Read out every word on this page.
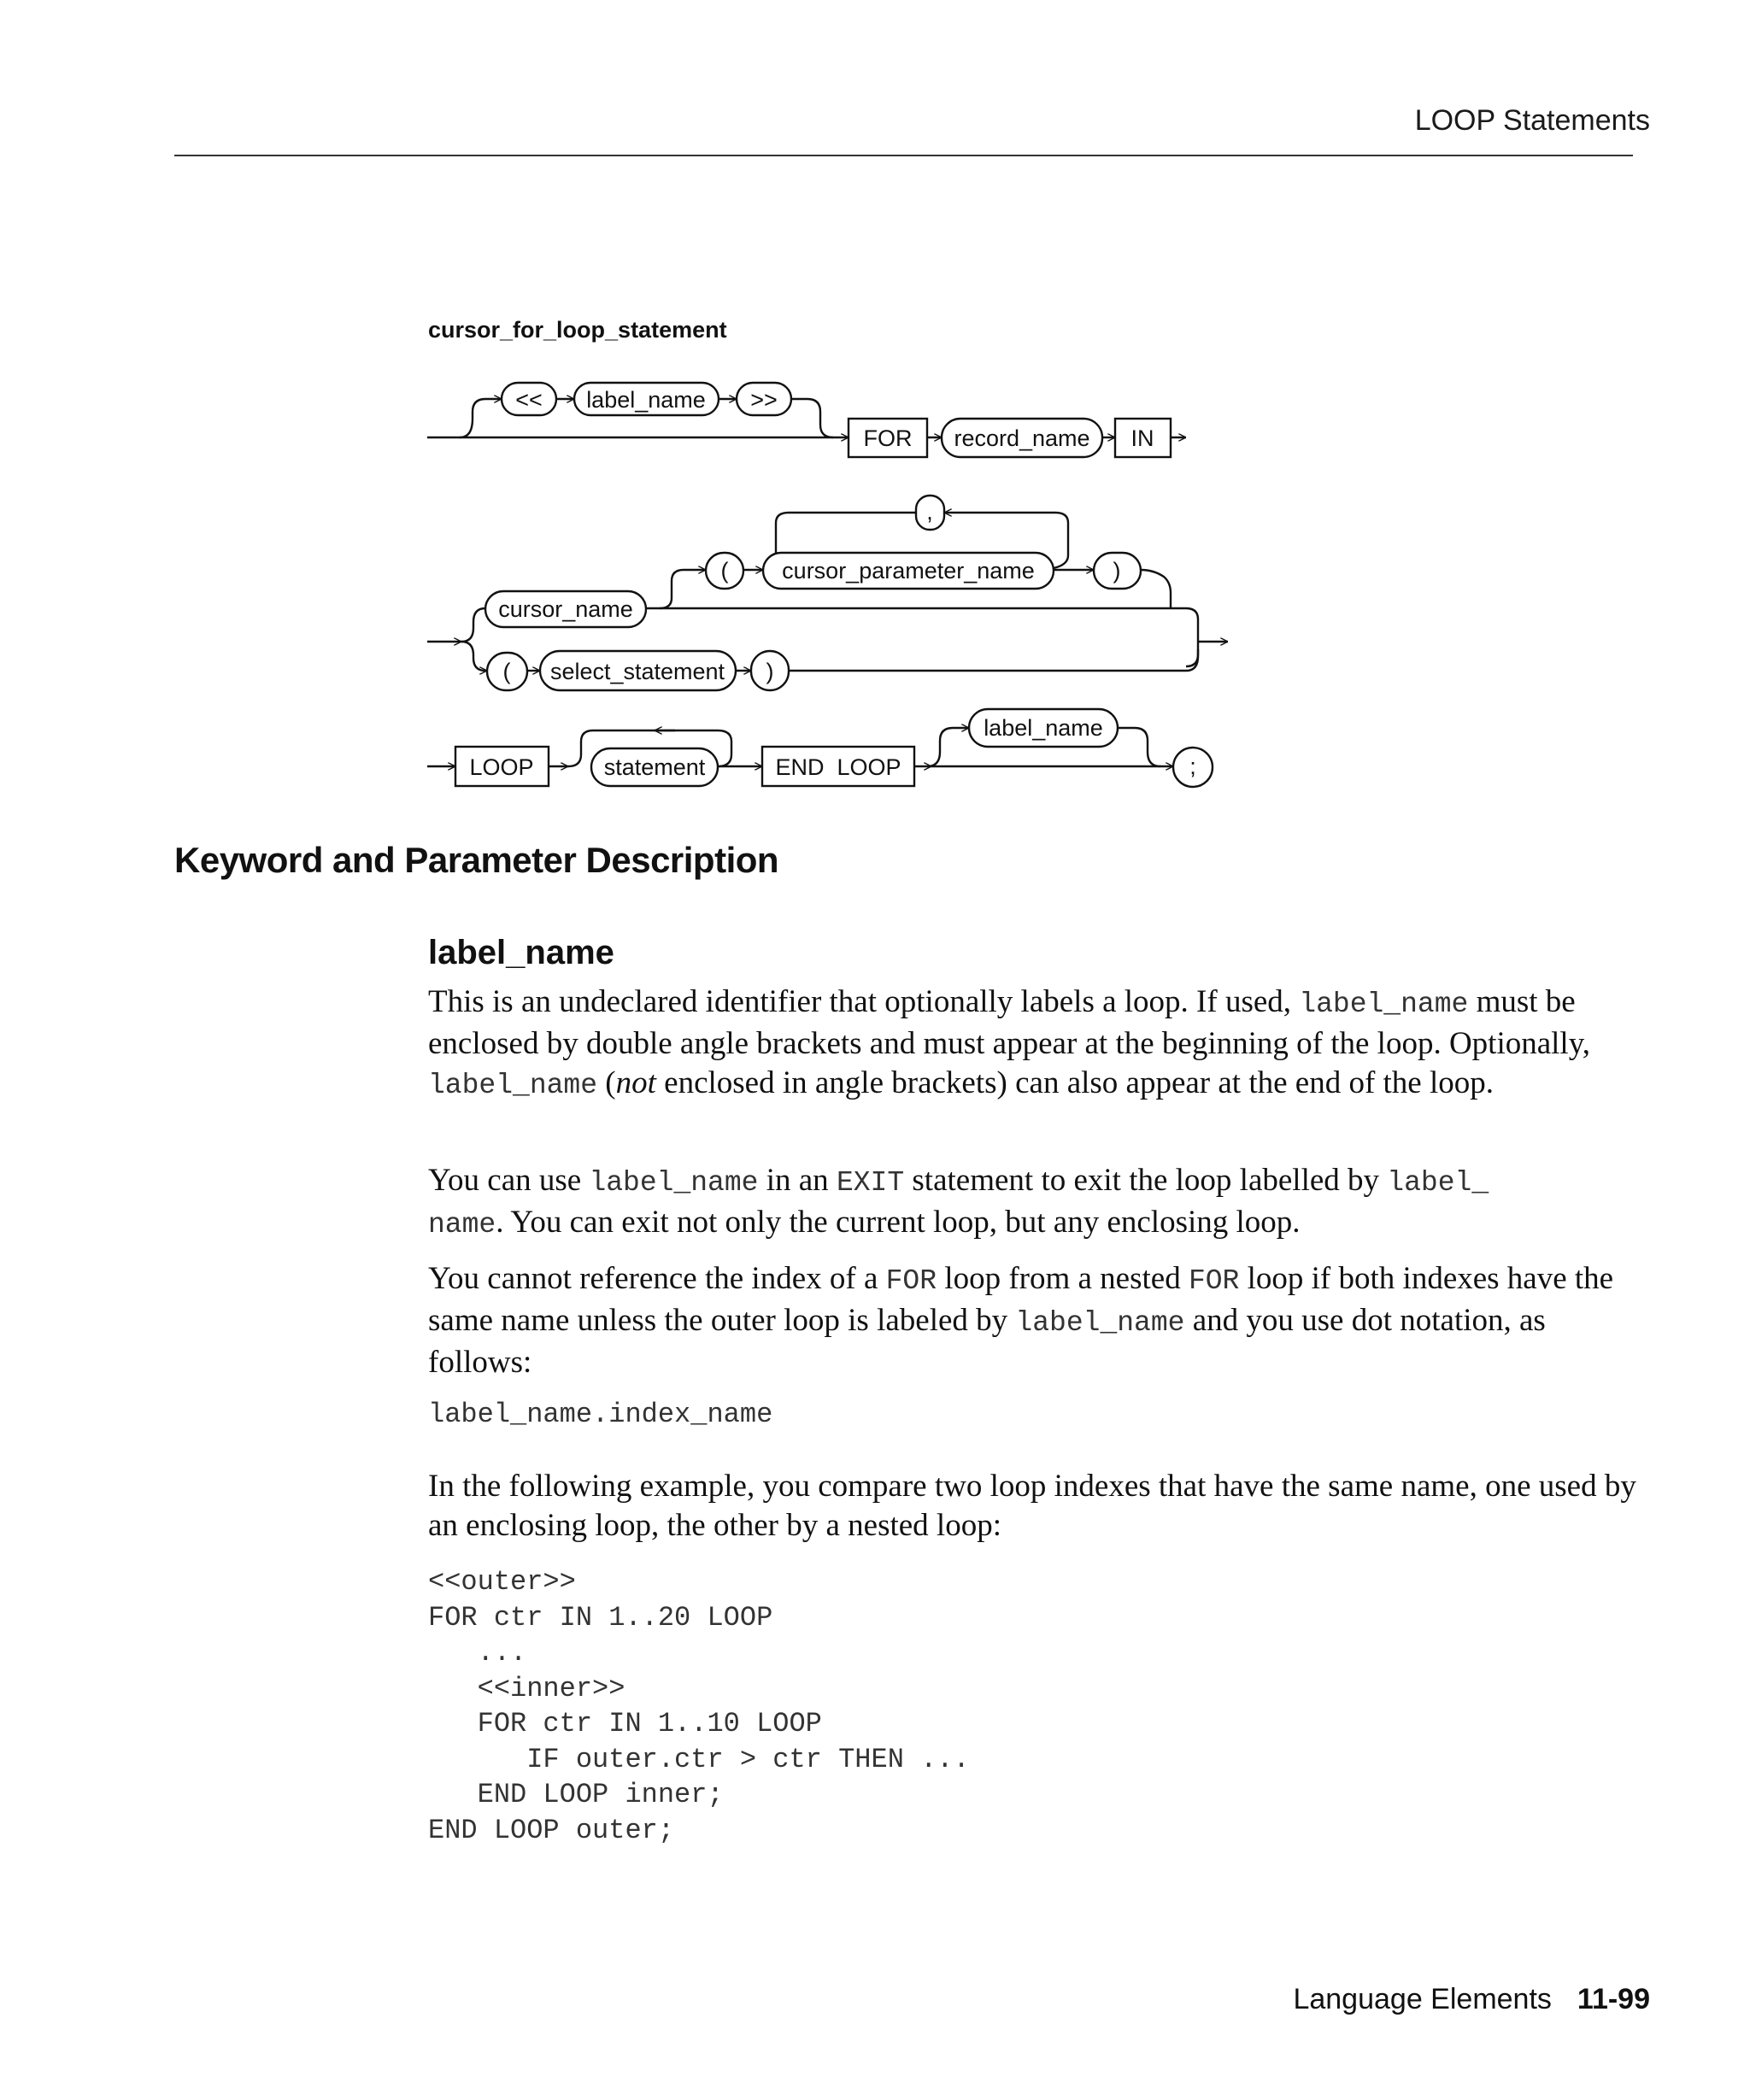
LOOP Statements
cursor_for_loop_statement
<< label_name >>
FOR record_name IN
,
( cursor_parameter_name	)
cursor_name
( select_statement )
LOOP	statement	END  LOOP
label_name
;
Keyword and Parameter Description
label_name

This is an undeclared identifier that optionally labels a loop. If used, label_name must be enclosed by double angle brackets and must appear at the beginning of the loop. Optionally, label_name (not enclosed in angle brackets) can also appear at the end of the loop.

You can use label_name in an EXIT statement to exit the loop labelled by label_
name. You can exit not only the current loop, but any enclosing loop.

You cannot reference the index of a FOR loop from a nested FOR loop if both indexes have the same name unless the outer loop is labeled by label_name and you use dot notation, as follows:

label_name.index_name

In the following example, you compare two loop indexes that have the same name, one used by an enclosing loop, the other by a nested loop:

<<outer>>
FOR ctr IN 1..20 LOOP
...
<<inner>>
FOR ctr IN 1..10 LOOP
IF outer.ctr > ctr THEN ...
END LOOP inner;
END LOOP outer;
Language Elements 11-99
